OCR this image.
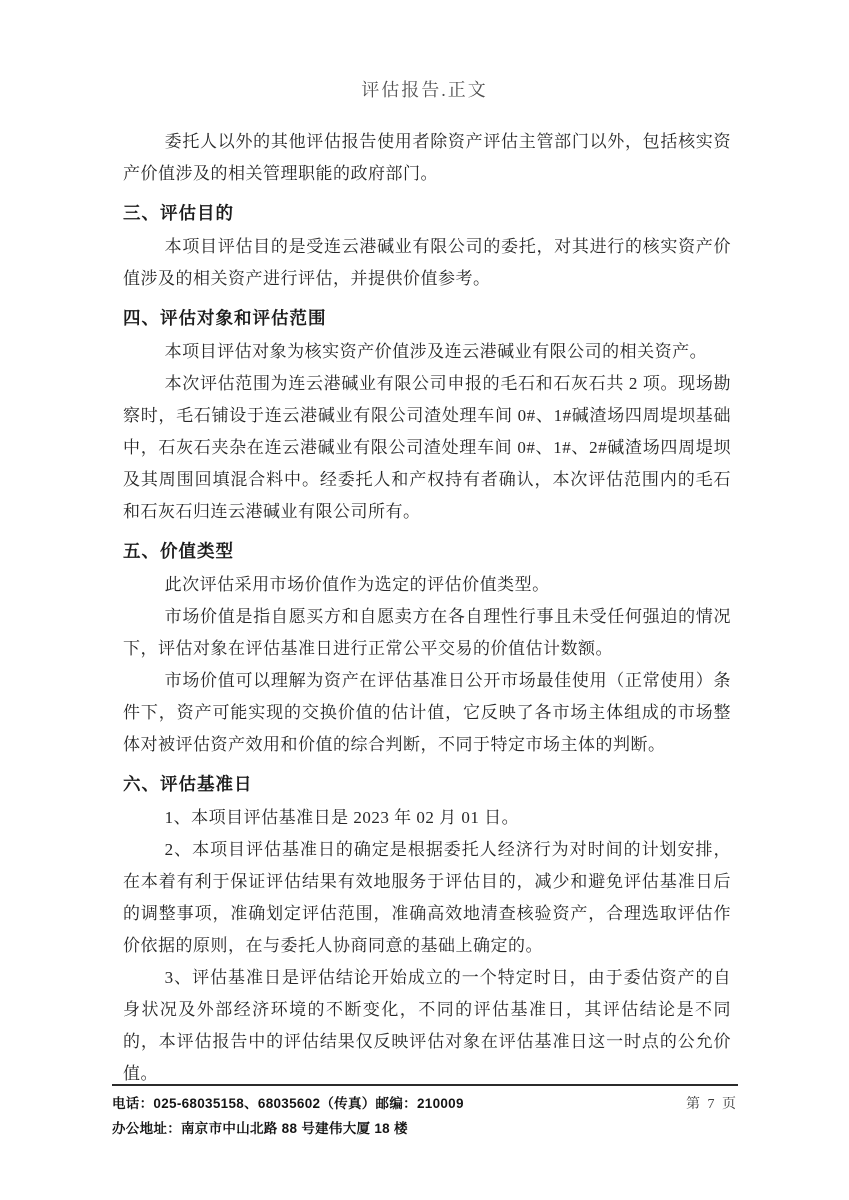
评估报告.正文

委托人以外的其他评估报告使用者除资产评估主管部门以外，包括核实资产价值涉及的相关管理职能的政府部门。

三、评估目的

本项目评估目的是受连云港碱业有限公司的委托，对其进行的核实资产价值涉及的相关资产进行评估，并提供价值参考。

四、评估对象和评估范围

本项目评估对象为核实资产价值涉及连云港碱业有限公司的相关资产。

本次评估范围为连云港碱业有限公司申报的毛石和石灰石共 2 项。现场勘察时，毛石铺设于连云港碱业有限公司渣处理车间 0#、1#碱渣场四周堤坝基础中，石灰石夹杂在连云港碱业有限公司渣处理车间 0#、1#、2#碱渣场四周堤坝及其周围回填混合料中。经委托人和产权持有者确认，本次评估范围内的毛石和石灰石归连云港碱业有限公司所有。

五、价值类型

此次评估采用市场价值作为选定的评估价值类型。

市场价值是指自愿买方和自愿卖方在各自理性行事且未受任何强迫的情况下，评估对象在评估基准日进行正常公平交易的价值估计数额。

市场价值可以理解为资产在评估基准日公开市场最佳使用（正常使用）条件下，资产可能实现的交换价值的估计值，它反映了各市场主体组成的市场整体对被评估资产效用和价值的综合判断，不同于特定市场主体的判断。

六、评估基准日

1、本项目评估基准日是 2023 年 02 月 01 日。

2、本项目评估基准日的确定是根据委托人经济行为对时间的计划安排，在本着有利于保证评估结果有效地服务于评估目的，减少和避免评估基准日后的调整事项，准确划定评估范围，准确高效地清查核验资产，合理选取评估作价依据的原则，在与委托人协商同意的基础上确定的。

3、评估基准日是评估结论开始成立的一个特定时日，由于委估资产的自身状况及外部经济环境的不断变化，不同的评估基准日，其评估结论是不同的，本评估报告中的评估结果仅反映评估对象在评估基准日这一时点的公允价值。

电话：025-68035158、68035602（传真）邮编：210009
办公地址：南京市中山北路 88 号建伟大厦 18 楼
第 7 页
